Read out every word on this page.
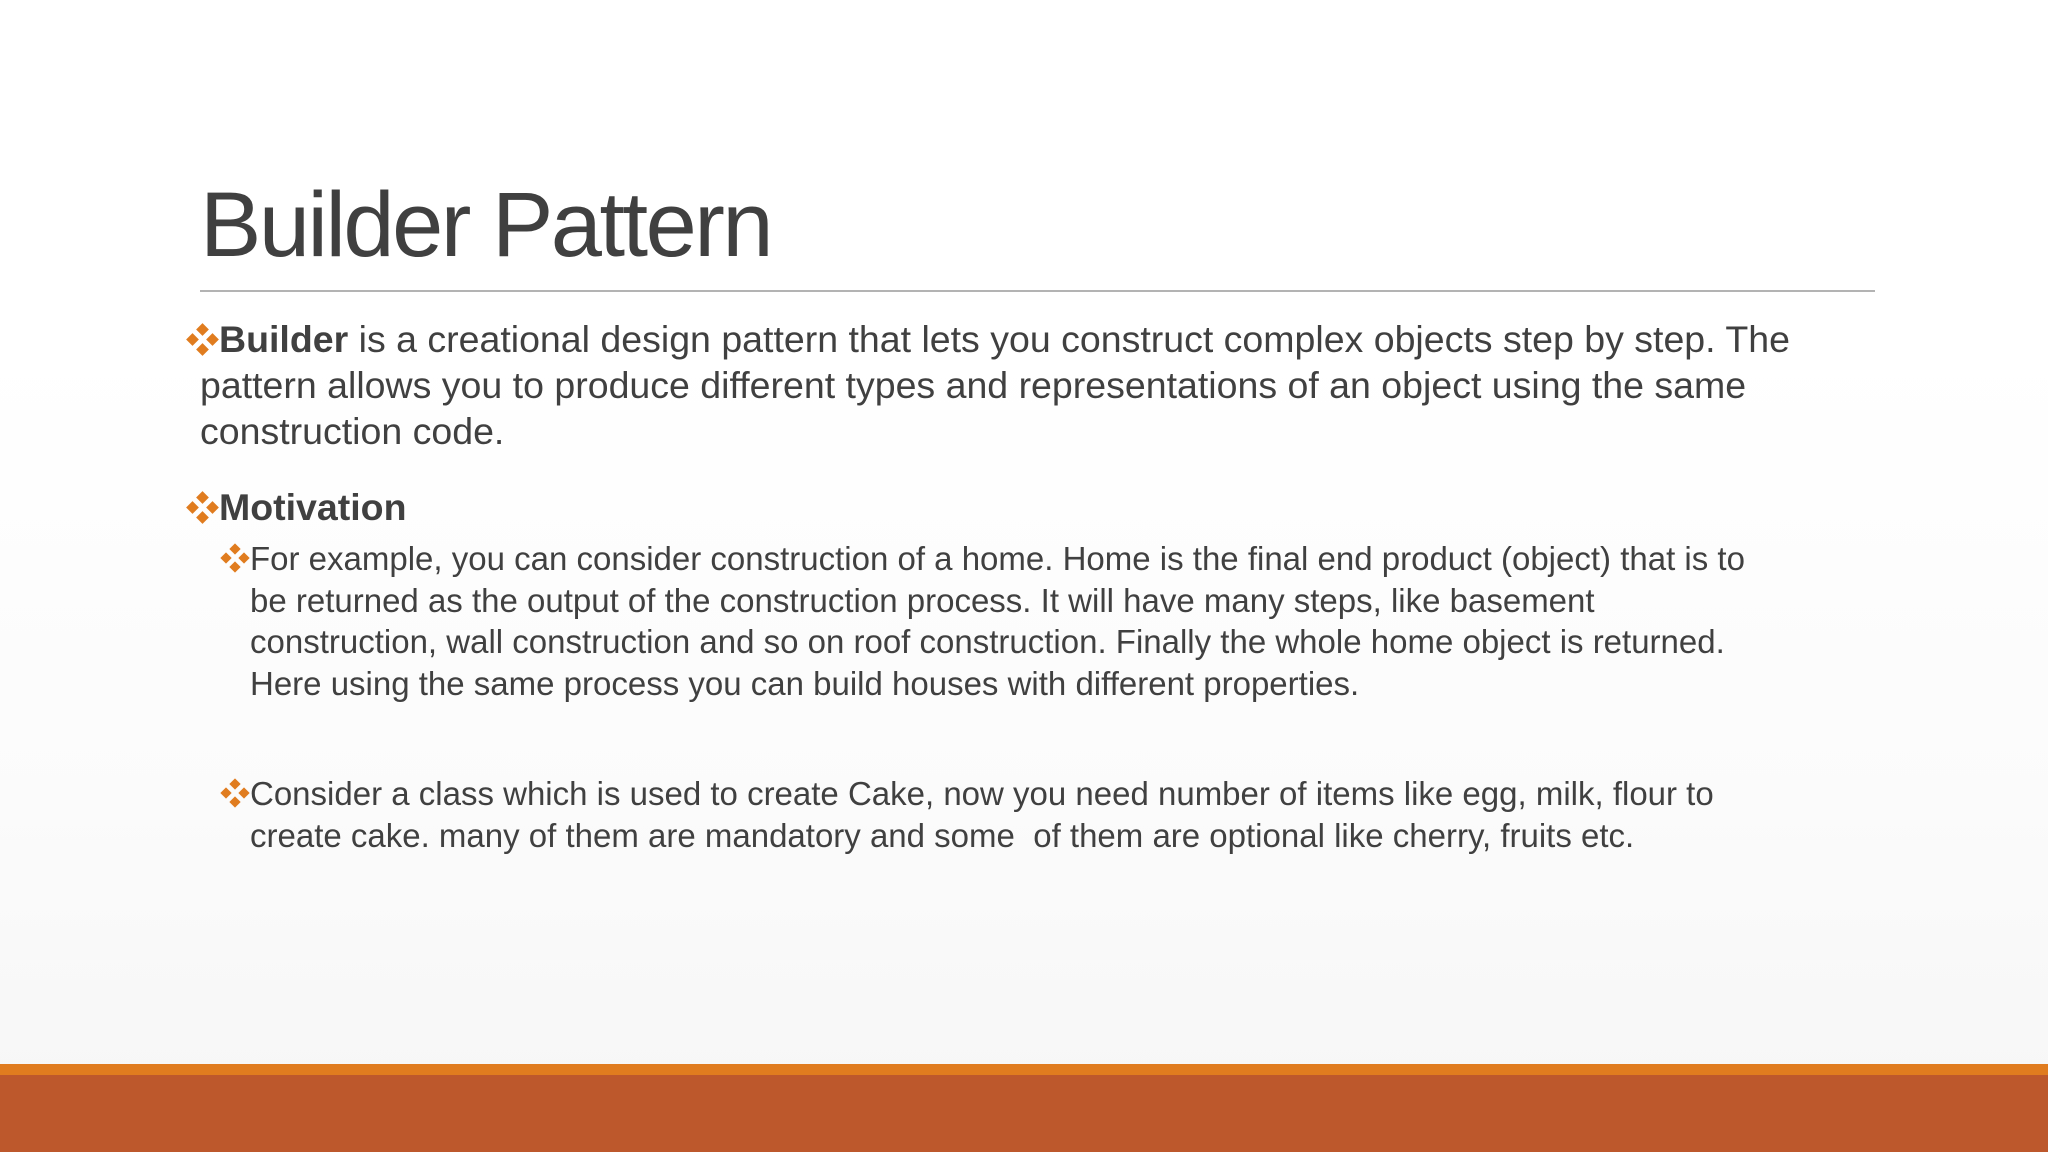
Builder Pattern
Builder is a creational design pattern that lets you construct complex objects step by step. The
pattern allows you to produce different types and representations of an object using the same
construction code.
Motivation
For example, you can consider construction of a home. Home is the final end product (object) that is to
be returned as the output of the construction process. It will have many steps, like basement
construction, wall construction and so on roof construction. Finally the whole home object is returned.
Here using the same process you can build houses with different properties.
Consider a class which is used to create Cake, now you need number of items like egg, milk, flour to
create cake. many of them are mandatory and some  of them are optional like cherry, fruits etc.
